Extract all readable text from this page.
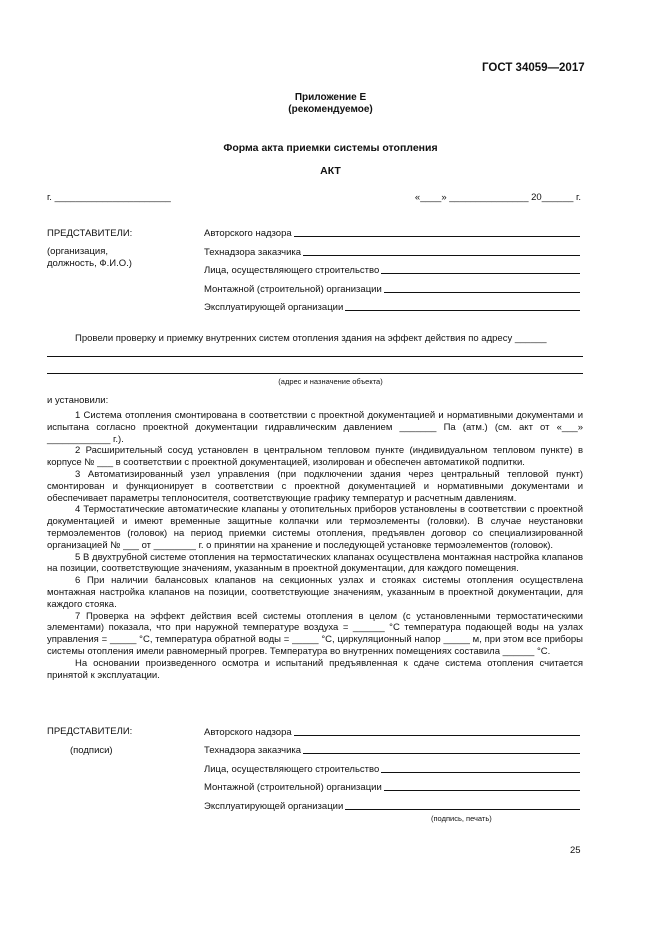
ГОСТ 34059—2017
Приложение Е
(рекомендуемое)
Форма акта приемки системы отопления
АКТ
г. ______________________	«____» _______________ 20______ г.
ПРЕДСТАВИТЕЛИ:
(организация,
должность, Ф.И.О.)
Авторского надзора
Технадзора заказчика
Лица, осуществляющего строительство
Монтажной (строительной) организации
Эксплуатирующей организации
Провели проверку и приемку внутренних систем отопления здания на эффект действия по адресу ______
(адрес и назначение объекта)
и установили:

1 Система отопления смонтирована в соответствии с проектной документацией и нормативными документами и испытана согласно проектной документации гидравлическим давлением _______ Па (атм.) (см. акт от «___» ____________ г.).

2 Расширительный сосуд установлен в центральном тепловом пункте (индивидуальном тепловом пункте) в корпусе № ___ в соответствии с проектной документацией, изолирован и обеспечен автоматикой подпитки.

3 Автоматизированный узел управления (при подключении здания через центральный тепловой пункт) смонтирован и функционирует в соответствии с проектной документацией и нормативными документами и обеспечивает параметры теплоносителя, соответствующие графику температур и расчетным давлениям.

4 Термостатические автоматические клапаны у отопительных приборов установлены в соответствии с проектной документацией и имеют временные защитные колпачки или термоэлементы (головки). В случае неустановки термоэлементов (головок) на период приемки системы отопления, предъявлен договор со специализированной организацией № ___ от ________ г. о принятии на хранение и последующей установке термоэлементов (головок).

5 В двухтрубной системе отопления на термостатических клапанах осуществлена монтажная настройка клапанов на позиции, соответствующие значениям, указанным в проектной документации, для каждого помещения.

6 При наличии балансовых клапанов на секционных узлах и стояках системы отопления осуществлена монтажная настройка клапанов на позиции, соответствующие значениям, указанным в проектной документации, для каждого стояка.

7 Проверка на эффект действия всей системы отопления в целом (с установленными термостатическими элементами) показала, что при наружной температуре воздуха = ______ °С температура подающей воды на узлах управления = _____ °С, температура обратной воды = _____ °С, циркуляционный напор _____ м, при этом все приборы системы отопления имели равномерный прогрев. Температура во внутренних помещениях составила ______ °С.

На основании произведенного осмотра и испытаний предъявленная к сдаче система отопления считается принятой к эксплуатации.

ПРЕДСТАВИТЕЛИ:
(подписи)
Авторского надзора
Технадзора заказчика
Лица, осуществляющего строительство
Монтажной (строительной) организации
Эксплуатирующей организации
(подпись, печать)
25
